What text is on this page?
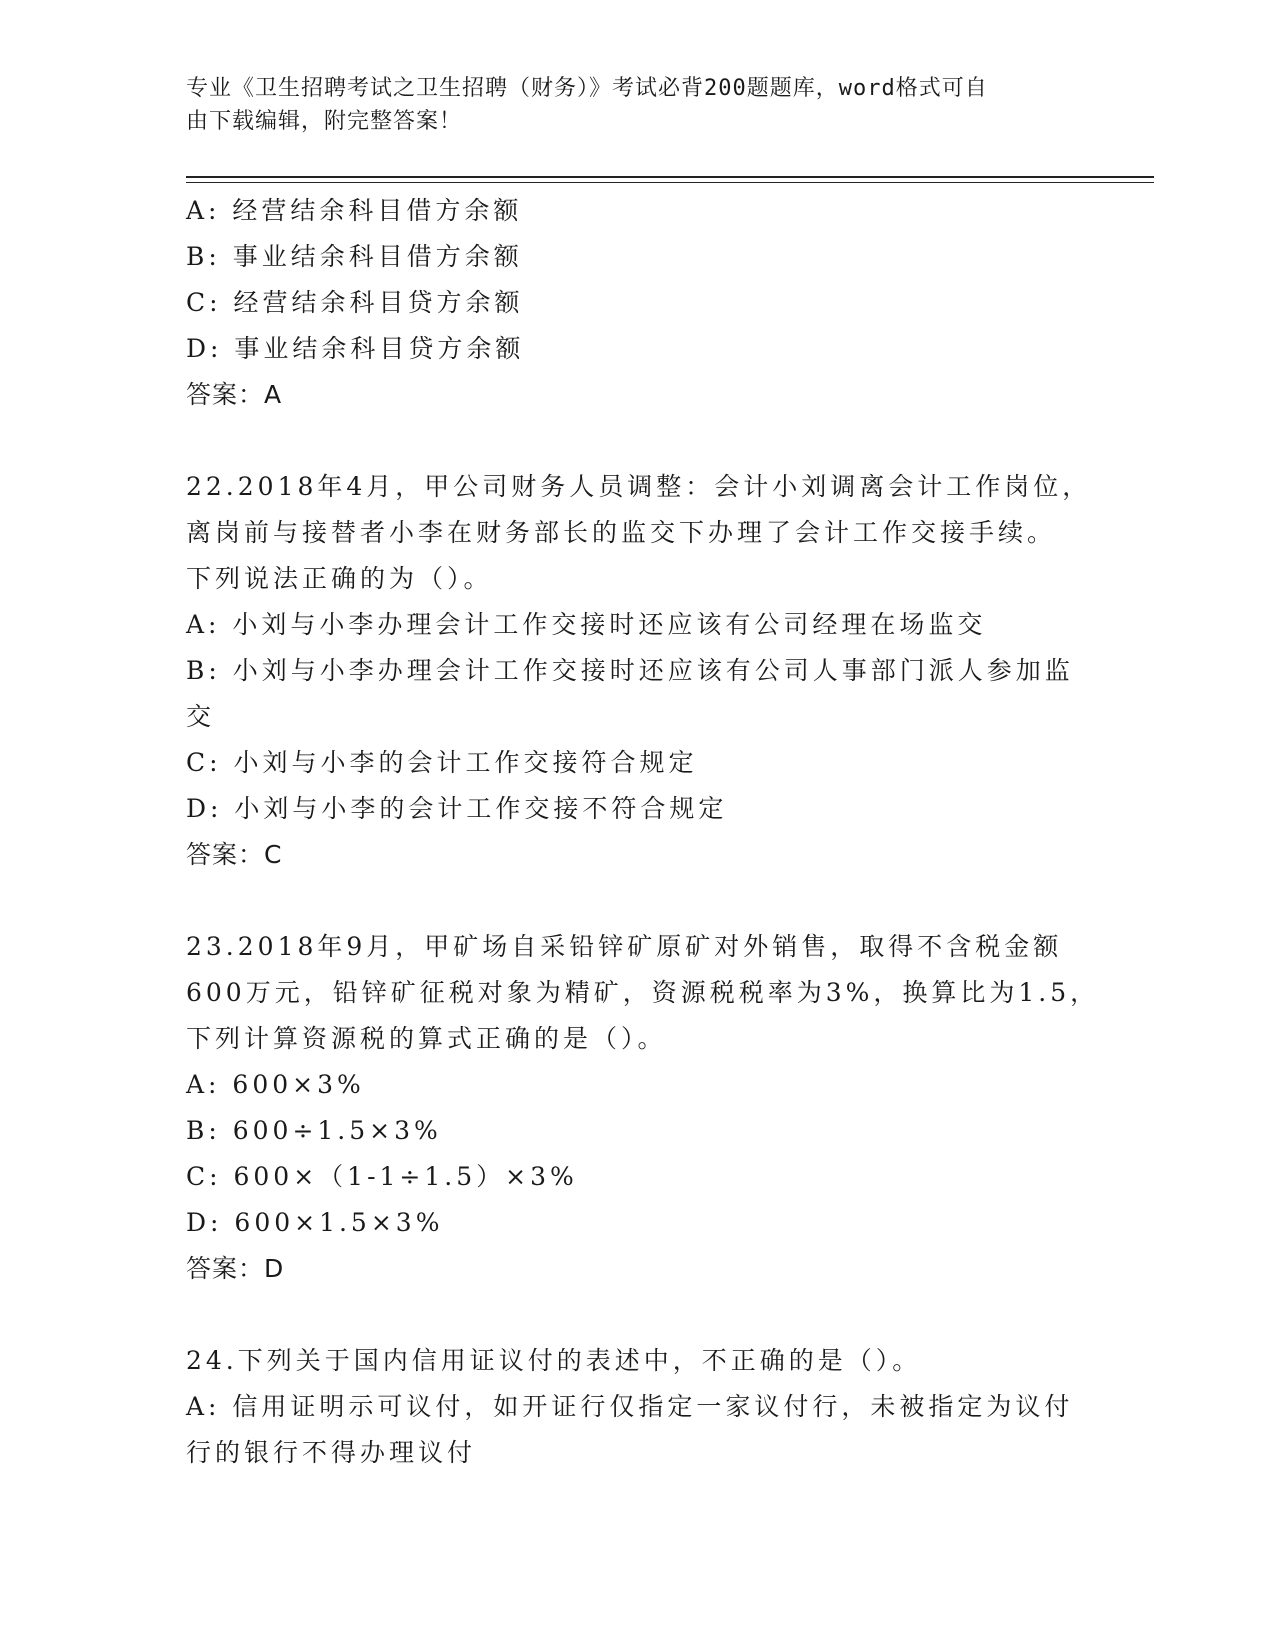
专业《卫生招聘考试之卫生招聘（财务）》考试必背200题题库，word格式可自
由下载编辑，附完整答案！

A: 经营结余科目借方余额

B: 事业结余科目借方余额

C: 经营结余科目贷方余额

D: 事业结余科目贷方余额

答案：A

22.2018年4月，甲公司财务人员调整：会计小刘调离会计工作岗位，

离岗前与接替者小李在财务部长的监交下办理了会计工作交接手续。

下列说法正确的为（）。

A: 小刘与小李办理会计工作交接时还应该有公司经理在场监交

B: 小刘与小李办理会计工作交接时还应该有公司人事部门派人参加监

交

C: 小刘与小李的会计工作交接符合规定

D: 小刘与小李的会计工作交接不符合规定

答案：C

23.2018年9月，甲矿场自采铅锌矿原矿对外销售，取得不含税金额

600万元，铅锌矿征税对象为精矿，资源税税率为3%，换算比为1.5，

下列计算资源税的算式正确的是（）。

A: 600×3%

B: 600÷1.5×3%

C: 600×（1-1÷1.5）×3%

D: 600×1.5×3%

答案：D

24.下列关于国内信用证议付的表述中，不正确的是（）。

A: 信用证明示可议付，如开证行仅指定一家议付行，未被指定为议付

行的银行不得办理议付
